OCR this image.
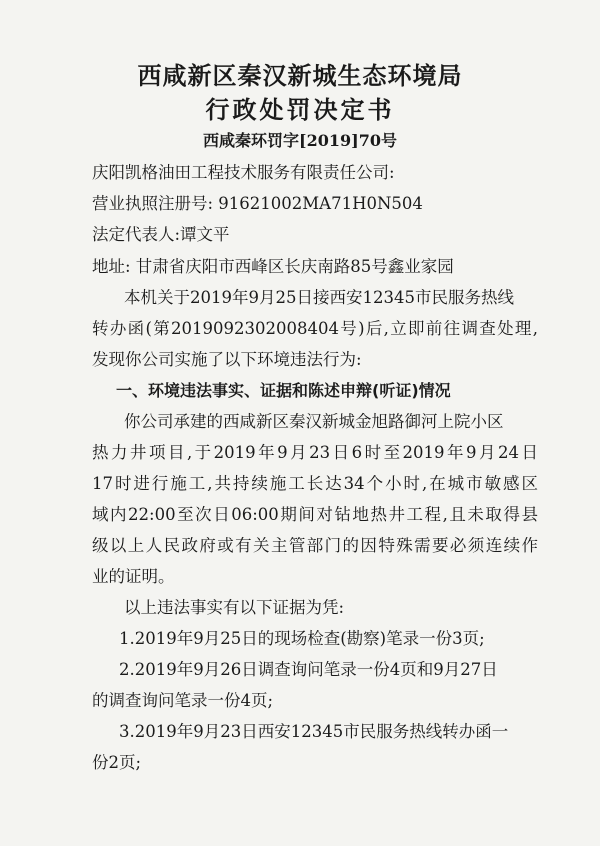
西咸新区秦汉新城生态环境局
行政处罚决定书
西咸秦环罚字[2019]70号
庆阳凯格油田工程技术服务有限责任公司:
营业执照注册号: 91621002MA71H0N504
法定代表人:谭文平
地址: 甘肃省庆阳市西峰区长庆南路85号鑫业家园
本机关于2019年9月25日接西安12345市民服务热线
转办函(第2019092302008404号)后,立即前往调查处理,
发现你公司实施了以下环境违法行为:
一、环境违法事实、证据和陈述申辩(听证)情况
你公司承建的西咸新区秦汉新城金旭路御河上院小区
热力井项目,于2019年9月23日6时至2019年9月24日
17时进行施工,共持续施工长达34个小时,在城市敏感区
域内22:00至次日06:00期间对钻地热井工程,且未取得县
级以上人民政府或有关主管部门的因特殊需要必须连续作
业的证明。
以上违法事实有以下证据为凭:
1.2019年9月25日的现场检查(勘察)笔录一份3页;
2.2019年9月26日调查询问笔录一份4页和9月27日
的调查询问笔录一份4页;
3.2019年9月23日西安12345市民服务热线转办函一
份2页;
